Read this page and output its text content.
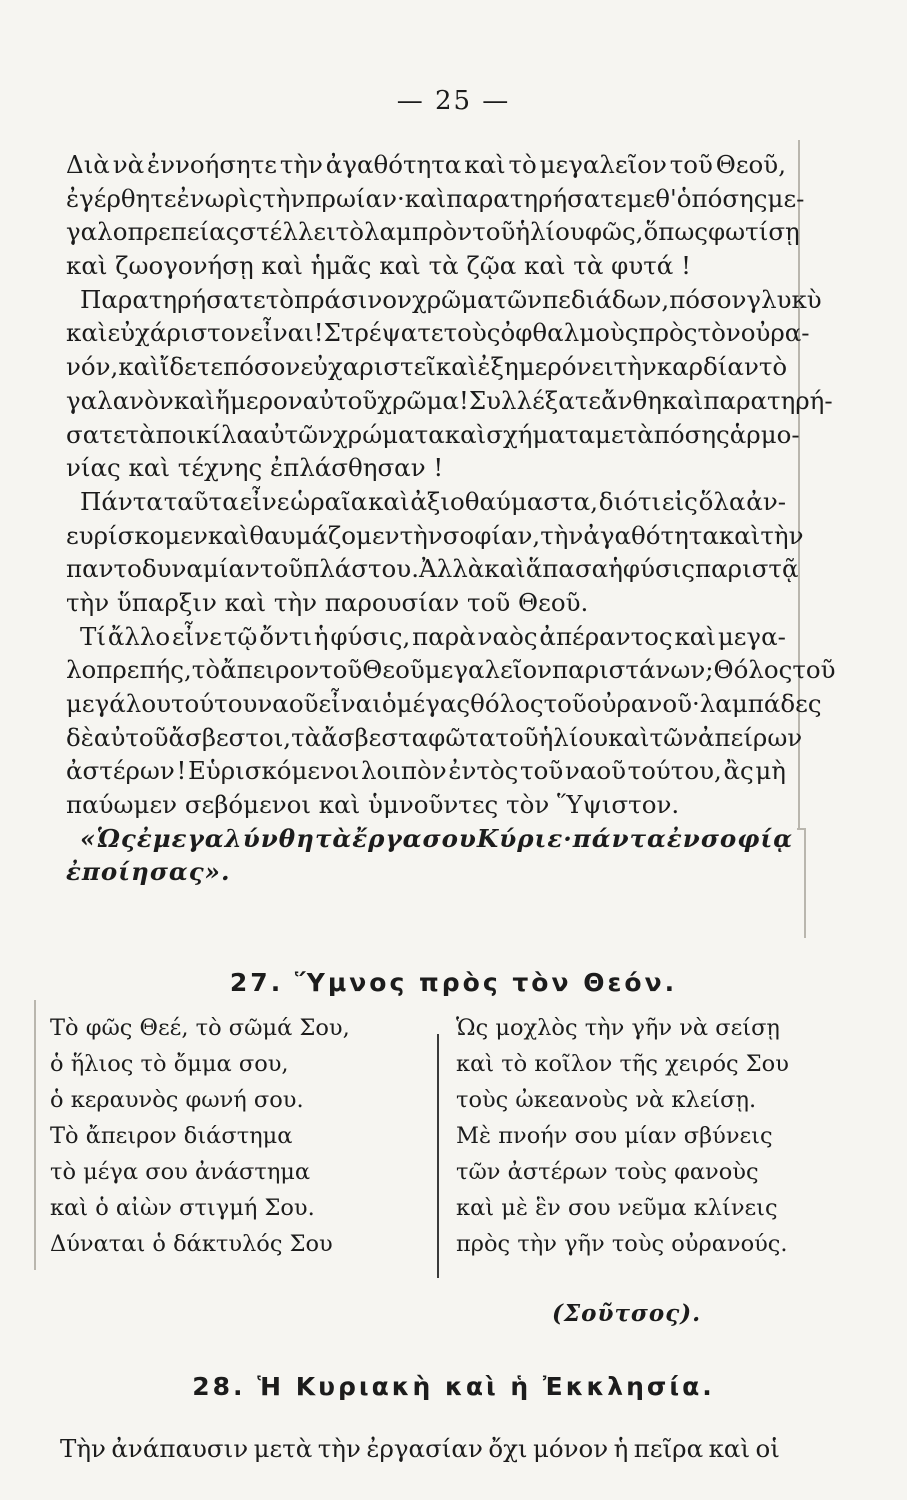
— 25 —
Διὰ νὰ ἐννοήσητε τὴν ἀγαθότητα καὶ τὸ μεγαλεῖον τοῦ Θεοῦ,
ἐγέρθητε ἐνωρὶς τὴν πρωίαν· καὶ παρατηρήσατε μεθ' ὁπόσης με-
γαλοπρεπείας στέλλει τὸ λαμπρὸν τοῦ ἡλίου φῶς, ὅπως φωτίσῃ
καὶ ζωογονήσῃ καὶ ἡμᾶς καὶ τὰ ζῷα καὶ τὰ φυτά !
Παρατηρήσατε τὸ πράσινον χρῶμα τῶν πεδιάδων, πόσον γλυκὺ
καὶ εὐχάριστον εἶναι ! Στρέψατε τοὺς ὀφθαλμοὺς πρὸς τὸν οὐρα-
νόν, καὶ ἴδετε πόσον εὐχαριστεῖ καὶ ἐξημερόνει τὴν καρδίαν τὸ
γαλανὸν καὶ ἥμερον αὐτοῦ χρῶμα ! Συλλέξατε ἄνθη καὶ παρατηρή-
σατε τὰ ποικίλα αὐτῶν χρώματα καὶ σχήματα μετὰ πόσης ἁρμο-
νίας καὶ τέχνης ἐπλάσθησαν !
Πάντα ταῦτα εἶνε ὡραῖα καὶ ἀξιοθαύμαστα, διότι εἰς ὅλα ἀν-
ευρίσκομεν καὶ θαυμάζομεν τὴν σοφίαν, τὴν ἀγαθότητα καὶ τὴν
παντοδυναμίαν τοῦ πλάστου. Ἀλλὰ καὶ ἅπασα ἡ φύσις παριστᾷ
τὴν ὕπαρξιν καὶ τὴν παρουσίαν τοῦ Θεοῦ.
Τί ἄλλο εἶνε τῷ ὄντι ἡ φύσις, παρὰ ναὸς ἀπέραντος καὶ μεγα-
λοπρεπής, τὸ ἄπειρον τοῦ Θεοῦ μεγαλεῖον παριστάνων; Θόλος τοῦ
μεγάλου τούτου ναοῦ εἶναι ὁ μέγας θόλος τοῦ οὐρανοῦ· λαμπάδες
δὲ αὐτοῦ ἄσβεστοι, τὰ ἄσβεστα φῶτα τοῦ ἡλίου καὶ τῶν ἀπείρων
ἀστέρων ! Εὑρισκόμενοι λοιπὸν ἐντὸς τοῦ ναοῦ τούτου, ἂς μὴ
παύωμεν σεβόμενοι καὶ ὑμνοῦντες τὸν Ὕψιστον.
«Ὡς ἐμεγαλύνθη τὰ ἔργα σου Κύριε· πάντα ἐν σοφίᾳ
ἐποίησας».
27. Ὕμνος πρὸς τὸν Θεόν.
Τὸ φῶς Θεέ, τὸ σῶμά Σου,
ὁ ἥλιος τὸ ὄμμα σου,
ὁ κεραυνὸς φωνή σου.
Τὸ ἄπειρον διάστημα
τὸ μέγα σου ἀνάστημα
καὶ ὁ αἰὼν στιγμή Σου.
Δύναται ὁ δάκτυλός Σου
Ὡς μοχλὸς τὴν γῆν νὰ σείσῃ
καὶ τὸ κοῖλον τῆς χειρός Σου
τοὺς ὠκεανοὺς νὰ κλείσῃ.
Μὲ πνοήν σου μίαν σβύνεις
τῶν ἀστέρων τοὺς φανοὺς
καὶ μὲ ἓν σου νεῦμα κλίνεις
πρὸς τὴν γῆν τοὺς οὐρανούς.
(Σοῦτσος).
28. Ἡ Κυριακὴ καὶ ἡ Ἐκκλησία.
Τὴν ἀνάπαυσιν μετὰ τὴν ἐργασίαν ὄχι μόνον ἡ πεῖρα καὶ οἱ
